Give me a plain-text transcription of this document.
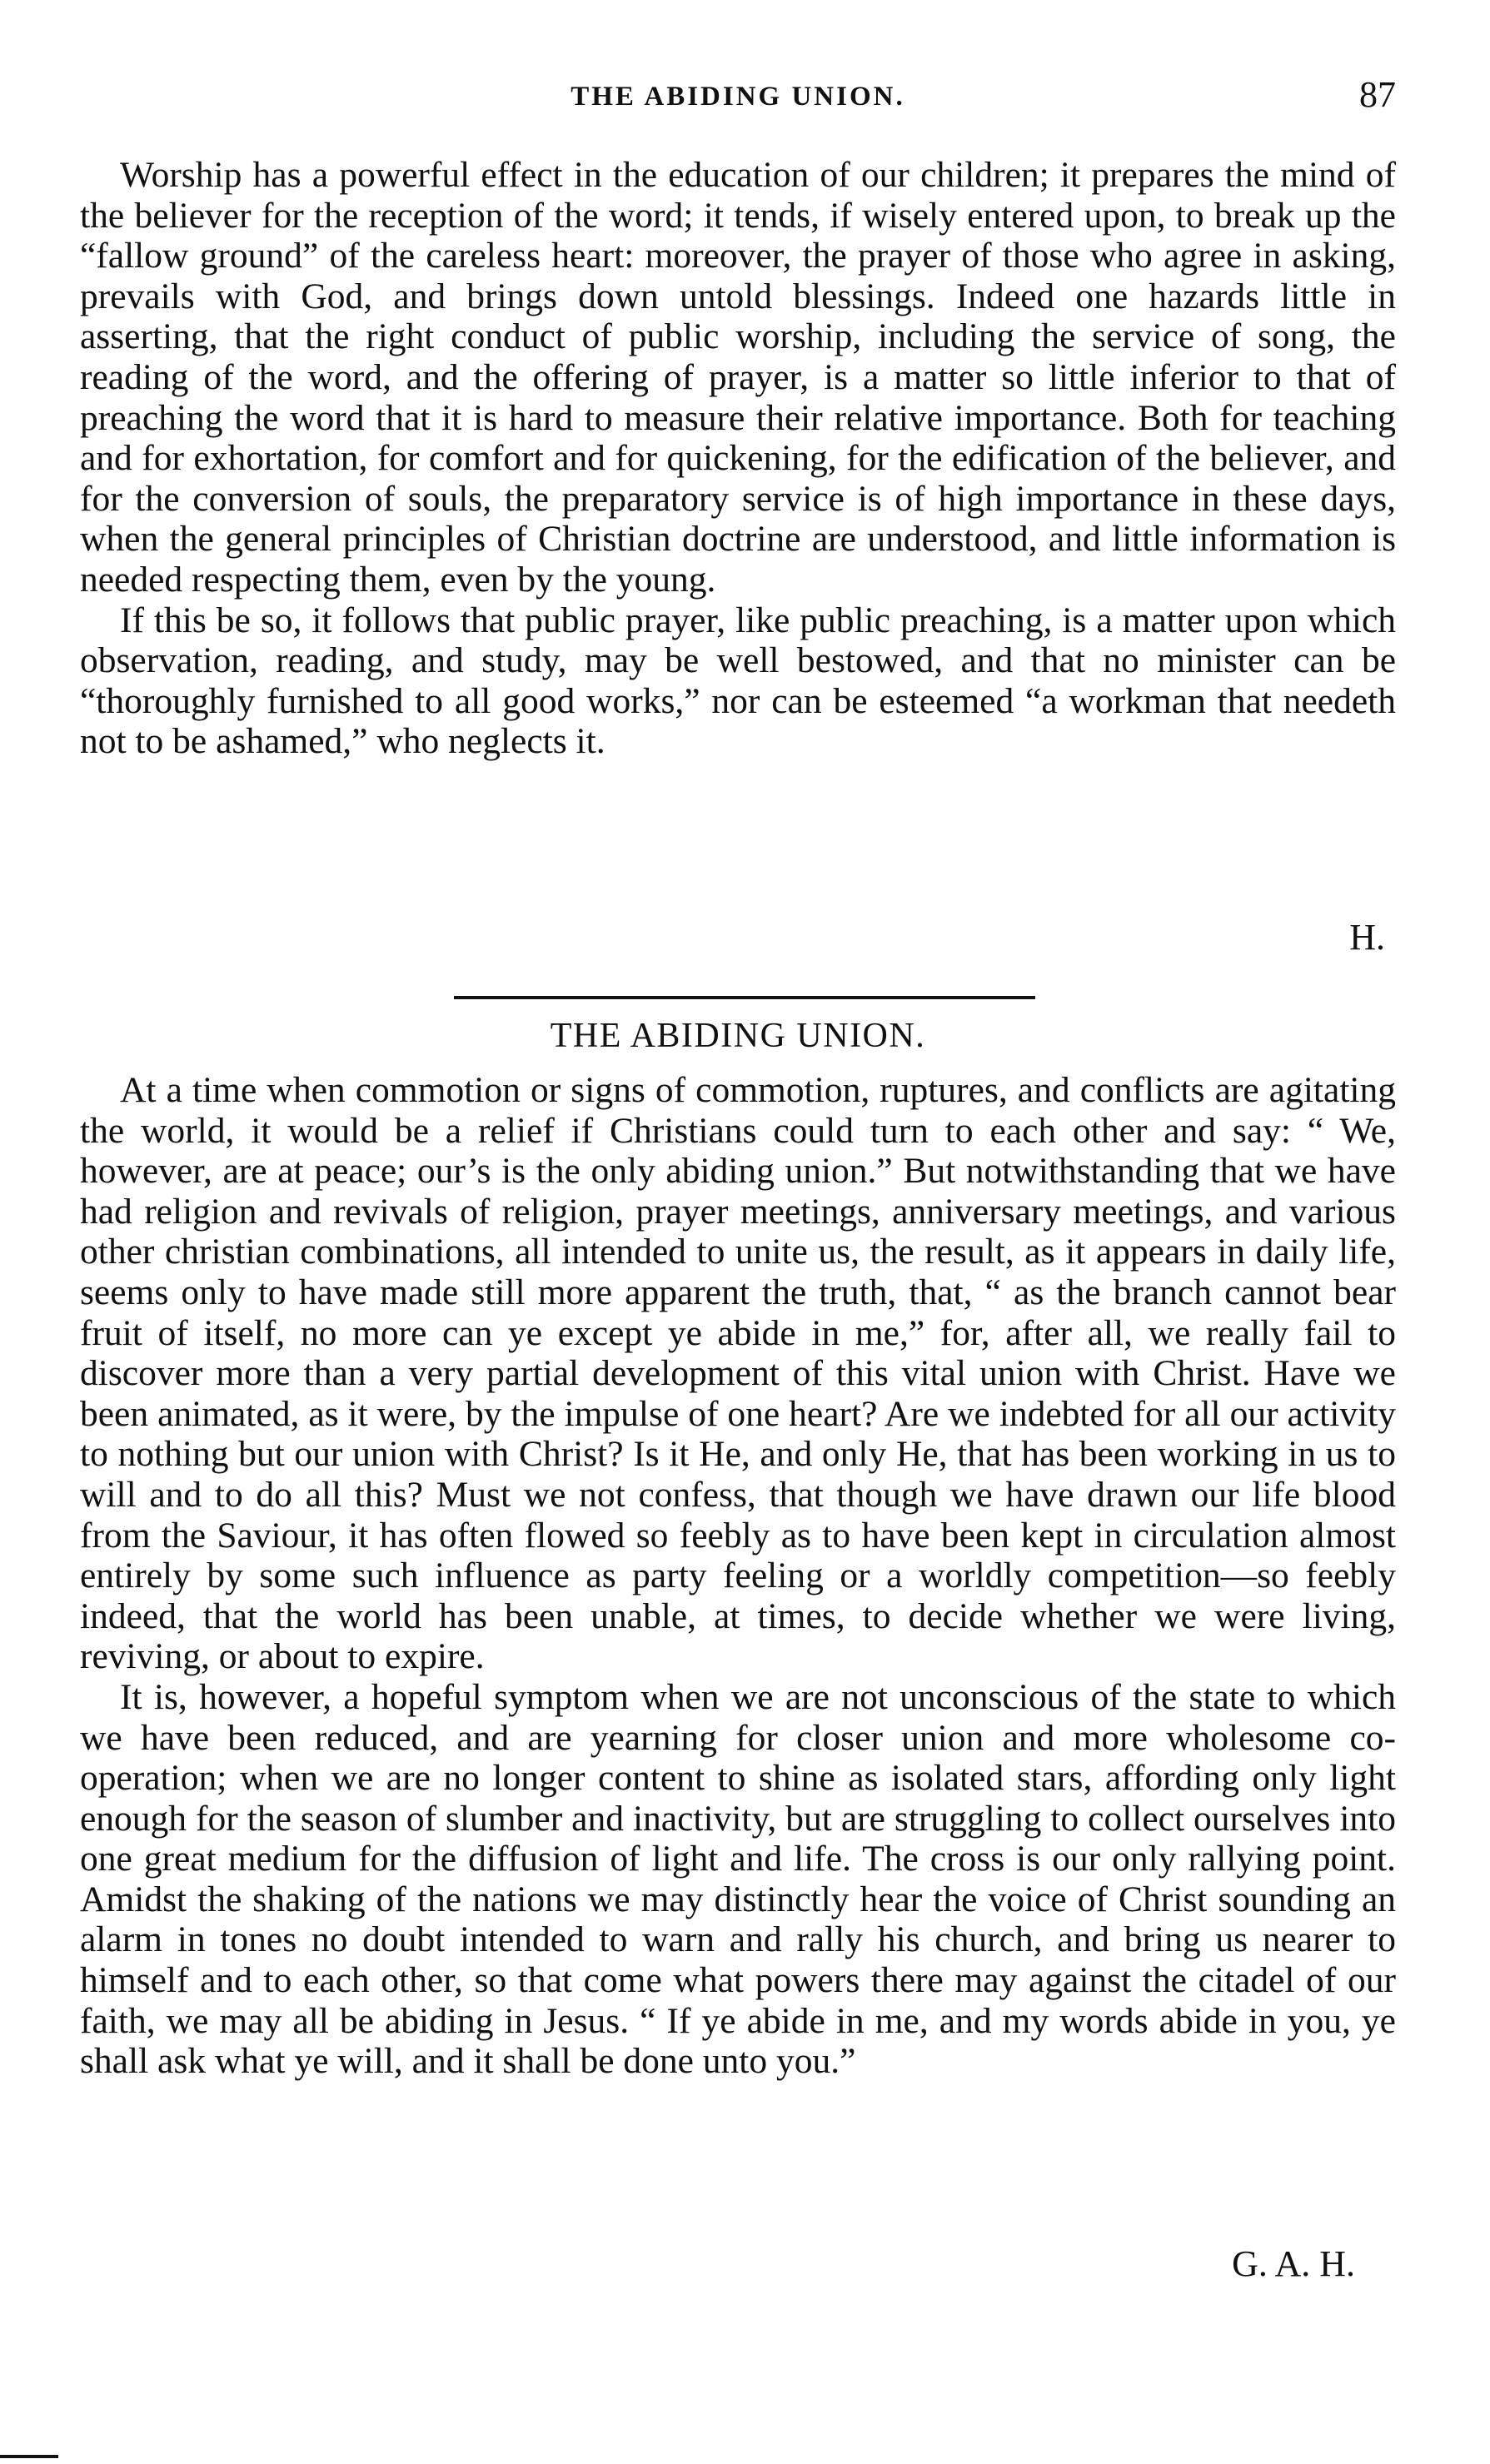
THE ABIDING UNION.	87

Worship has a powerful effect in the education of our children; it prepares the mind of the believer for the reception of the word; it tends, if wisely entered upon, to break up the “fallow ground” of the careless heart: moreover, the prayer of those who agree in asking, prevails with God, and brings down untold blessings. Indeed one hazards little in asserting, that the right conduct of public worship, including the service of song, the reading of the word, and the offering of prayer, is a matter so little inferior to that of preaching the word that it is hard to measure their relative importance. Both for teaching and for exhortation, for comfort and for quickening, for the edification of the believer, and for the conversion of souls, the preparatory service is of high importance in these days, when the general principles of Christian doctrine are understood, and little information is needed respecting them, even by the young.

If this be so, it follows that public prayer, like public preaching, is a matter upon which observation, reading, and study, may be well bestowed, and that no minister can be “thoroughly furnished to all good works,” nor can be esteemed “a workman that needeth not to be ashamed,” who neglects it.

H.
THE ABIDING UNION.

At a time when commotion or signs of commotion, ruptures, and conflicts are agitating the world, it would be a relief if Christians could turn to each other and say: “ We, however, are at peace; our’s is the only abiding union.” But notwithstanding that we have had religion and revivals of religion, prayer meetings, anniversary meetings, and various other christian combinations, all intended to unite us, the result, as it appears in daily life, seems only to have made still more apparent the truth, that, “ as the branch cannot bear fruit of itself, no more can ye except ye abide in me,” for, after all, we really fail to discover more than a very partial development of this vital union with Christ. Have we been animated, as it were, by the impulse of one heart? Are we indebted for all our activity to nothing but our union with Christ? Is it He, and only He, that has been working in us to will and to do all this? Must we not confess, that though we have drawn our life blood from the Saviour, it has often flowed so feebly as to have been kept in circulation almost entirely by some such influence as party feeling or a worldly competition—so feebly indeed, that the world has been unable, at times, to decide whether we were living, reviving, or about to expire.

It is, however, a hopeful symptom when we are not unconscious of the state to which we have been reduced, and are yearning for closer union and more wholesome co-operation; when we are no longer content to shine as isolated stars, affording only light enough for the season of slumber and inactivity, but are struggling to collect ourselves into one great medium for the diffusion of light and life. The cross is our only rallying point. Amidst the shaking of the nations we may distinctly hear the voice of Christ sounding an alarm in tones no doubt intended to warn and rally his church, and bring us nearer to himself and to each other, so that come what powers there may against the citadel of our faith, we may all be abiding in Jesus. “ If ye abide in me, and my words abide in you, ye shall ask what ye will, and it shall be done unto you.”

G. A. H.
